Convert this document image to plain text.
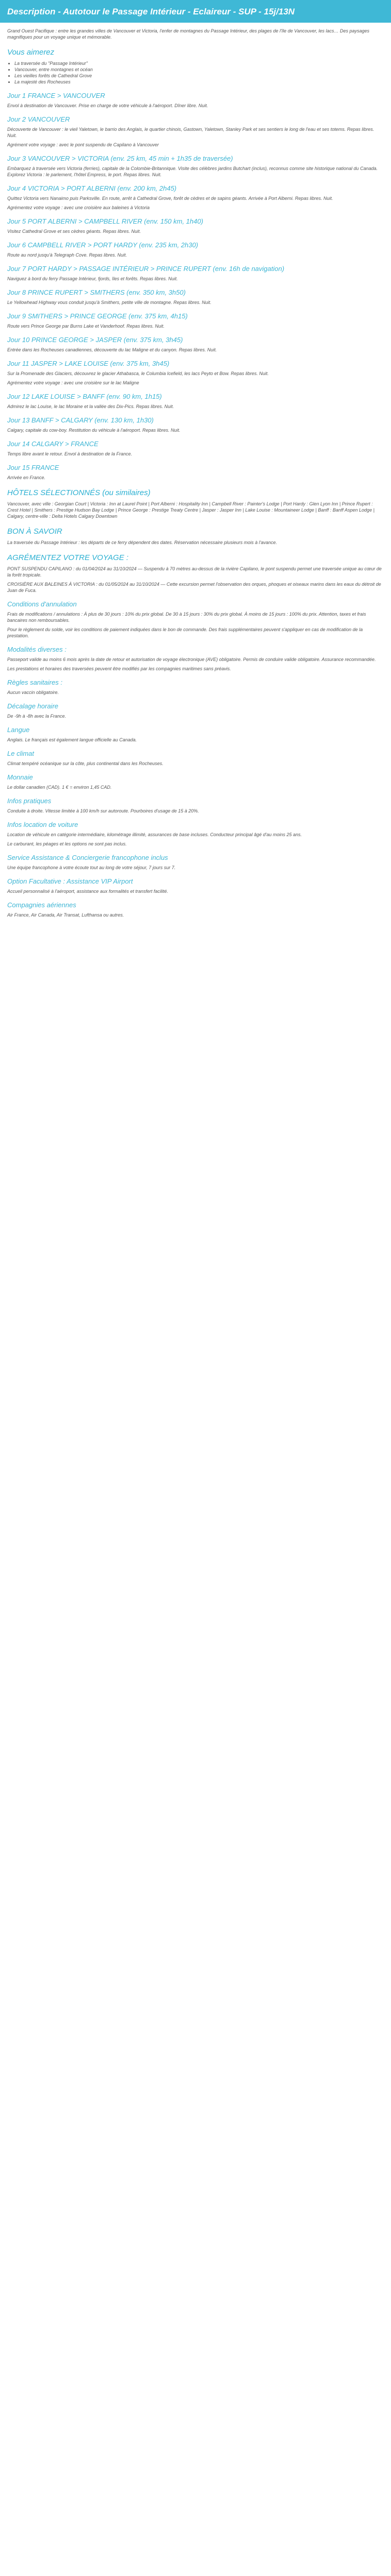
Description - Autotour le Passage Intérieur - Eclaireur - SUP - 15j/13N

Grand Ouest Pacifique : entre les grandes villes de Vancouver et Victoria, l'enfer de montagnes du Passage Intérieur, des plages de l'île de Vancouver, les lacs… Des paysages magnifiques pour un voyage unique et mémorable.

Vous aimerez
• La traversée du "Passage Intérieur"
• Vancouver, entre montagnes et océan
• Les vieilles forêts de Cathedral Grove
• La majesté des Rocheuses
Jour 1 FRANCE > VANCOUVER

Envol à destination de Vancouver. Prise en charge de votre véhicule à l'aéroport. Dîner libre. Nuit.

Jour 2 VANCOUVER

Découverte de Vancouver : le vieil Yaletown, le barrio des Anglais, le quartier chinois, Gastown, Yaletown, Stanley Park et ses sentiers le long de l'eau et ses totems. Repas libres. Nuit.

Agrément votre voyage : avec le pont suspendu de Capilano à Vancouver

Jour 3 VANCOUVER > VICTORIA (env. 25 km, 45 min + 1h35 de traversée)

Embarquez à traversée vers Victoria (ferries), capitale de la Colombie-Britannique. Visite des célèbres jardins Butchart (inclus), reconnus comme site historique national du Canada. Explorez Victoria : le parlement, l'hôtel Empress, le port. Repas libres. Nuit.

Jour 4 VICTORIA > PORT ALBERNI (env. 200 km, 2h45)

Quittez Victoria vers Nanaimo puis Parksville. En route, arrêt à Cathedral Grove, forêt de cèdres et de sapins géants. Arrivée à Port Alberni. Repas libres. Nuit.

Agrémentez votre voyage : avec une croisière aux baleines à Victoria

Jour 5 PORT ALBERNI > CAMPBELL RIVER (env. 150 km, 1h40)

Visitez Cathedral Grove et ses cèdres géants. Repas libres. Nuit.

Jour 6 CAMPBELL RIVER > PORT HARDY (env. 235 km, 2h30)

Route au nord jusqu'à Telegraph Cove. Repas libres. Nuit.

Jour 7 PORT HARDY > PASSAGE INTÉRIEUR > PRINCE RUPERT (env. 16h de navigation)

Naviguez à bord du ferry Passage Intérieur, fjords, îles et forêts. Repas libres. Nuit.

Jour 8 PRINCE RUPERT > SMITHERS (env. 350 km, 3h50)

Le Yellowhead Highway vous conduit jusqu'à Smithers, petite ville de montagne. Repas libres. Nuit.

Jour 9 SMITHERS > PRINCE GEORGE (env. 375 km, 4h15)

Route vers Prince George par Burns Lake et Vanderhoof. Repas libres. Nuit.

Jour 10 PRINCE GEORGE > JASPER (env. 375 km, 3h45)

Entrée dans les Rocheuses canadiennes, découverte du lac Maligne et du canyon. Repas libres. Nuit.

Jour 11 JASPER > LAKE LOUISE (env. 375 km, 3h45)

Sur la Promenade des Glaciers, découvrez le glacier Athabasca, le Columbia Icefield, les lacs Peyto et Bow. Repas libres. Nuit.

Agrémentez votre voyage : avec une croisière sur le lac Maligne

Jour 12 LAKE LOUISE > BANFF (env. 90 km, 1h15)

Admirez le lac Louise, le lac Moraine et la vallée des Dix-Pics. Repas libres. Nuit.

Jour 13 BANFF > CALGARY (env. 130 km, 1h30)

Calgary, capitale du cow-boy. Restitution du véhicule à l'aéroport. Repas libres. Nuit.

Jour 14 CALGARY > FRANCE

Temps libre avant le retour. Envol à destination de la France.

Jour 15 FRANCE

Arrivée en France.

HÔTELS SÉLECTIONNÉS (ou similaires)

Vancouver, avec ville : Georgian Court | Victoria : Inn at Laurel Point | Port Alberni : Hospitality Inn | Campbell River : Painter's Lodge | Port Hardy : Glen Lyon Inn | Prince Rupert : Crest Hotel | Smithers : Prestige Hudson Bay Lodge | Prince George : Prestige Treaty Centre | Jasper : Jasper Inn | Lake Louise : Mountaineer Lodge | Banff : Banff Aspen Lodge | Calgary, centre-ville : Delta Hotels Calgary Downtown

BON À SAVOIR

La traversée du Passage Intérieur : les départs de ce ferry dépendent des dates. Réservation nécessaire plusieurs mois à l'avance.

AGRÉMENTEZ VOTRE VOYAGE :

PONT SUSPENDU CAPILANO : du 01/04/2024 au 31/10/2024 — Suspendu à 70 mètres au-dessus de la rivière Capilano, le pont suspendu permet une traversée unique au cœur de la forêt tropicale.

CROISIÈRE AUX BALEINES À VICTORIA : du 01/05/2024 au 31/10/2024 — Cette excursion permet l'observation des orques, phoques et oiseaux marins dans les eaux du détroit de Juan de Fuca.

Conditions d'annulation

Frais de modifications / annulations : À plus de 30 jours : 10% du prix global. De 30 à 15 jours : 30% du prix global. À moins de 15 jours : 100% du prix. Attention, taxes et frais bancaires non remboursables.

Pour le règlement du solde, voir les conditions de paiement indiquées dans le bon de commande. Des frais supplémentaires peuvent s'appliquer en cas de modification de la prestation.

Modalités diverses :

Passeport valide au moins 6 mois après la date de retour et autorisation de voyage électronique (AVE) obligatoire. Permis de conduire valide obligatoire. Assurance recommandée.

Les prestations et horaires des traversées peuvent être modifiés par les compagnies maritimes sans préavis.

Règles sanitaires :

Aucun vaccin obligatoire.

Décalage horaire

De -9h à -8h avec la France.

Langue

Anglais. Le français est également langue officielle au Canada.

Le climat

Climat tempéré océanique sur la côte, plus continental dans les Rocheuses.

Monnaie

Le dollar canadien (CAD). 1 € = environ 1,45 CAD.

Infos pratiques

Conduite à droite. Vitesse limitée à 100 km/h sur autoroute. Pourboires d'usage de 15 à 20%.

Infos location de voiture

Location de véhicule en catégorie intermédiaire, kilométrage illimité, assurances de base incluses. Conducteur principal âgé d'au moins 25 ans.

Le carburant, les péages et les options ne sont pas inclus.

Service Assistance & Conciergerie francophone inclus

Une équipe francophone à votre écoute tout au long de votre séjour, 7 jours sur 7.

Option Facultative : Assistance VIP Airport

Accueil personnalisé à l'aéroport, assistance aux formalités et transfert facilité.

Compagnies aériennes

Air France, Air Canada, Air Transat, Lufthansa ou autres.
